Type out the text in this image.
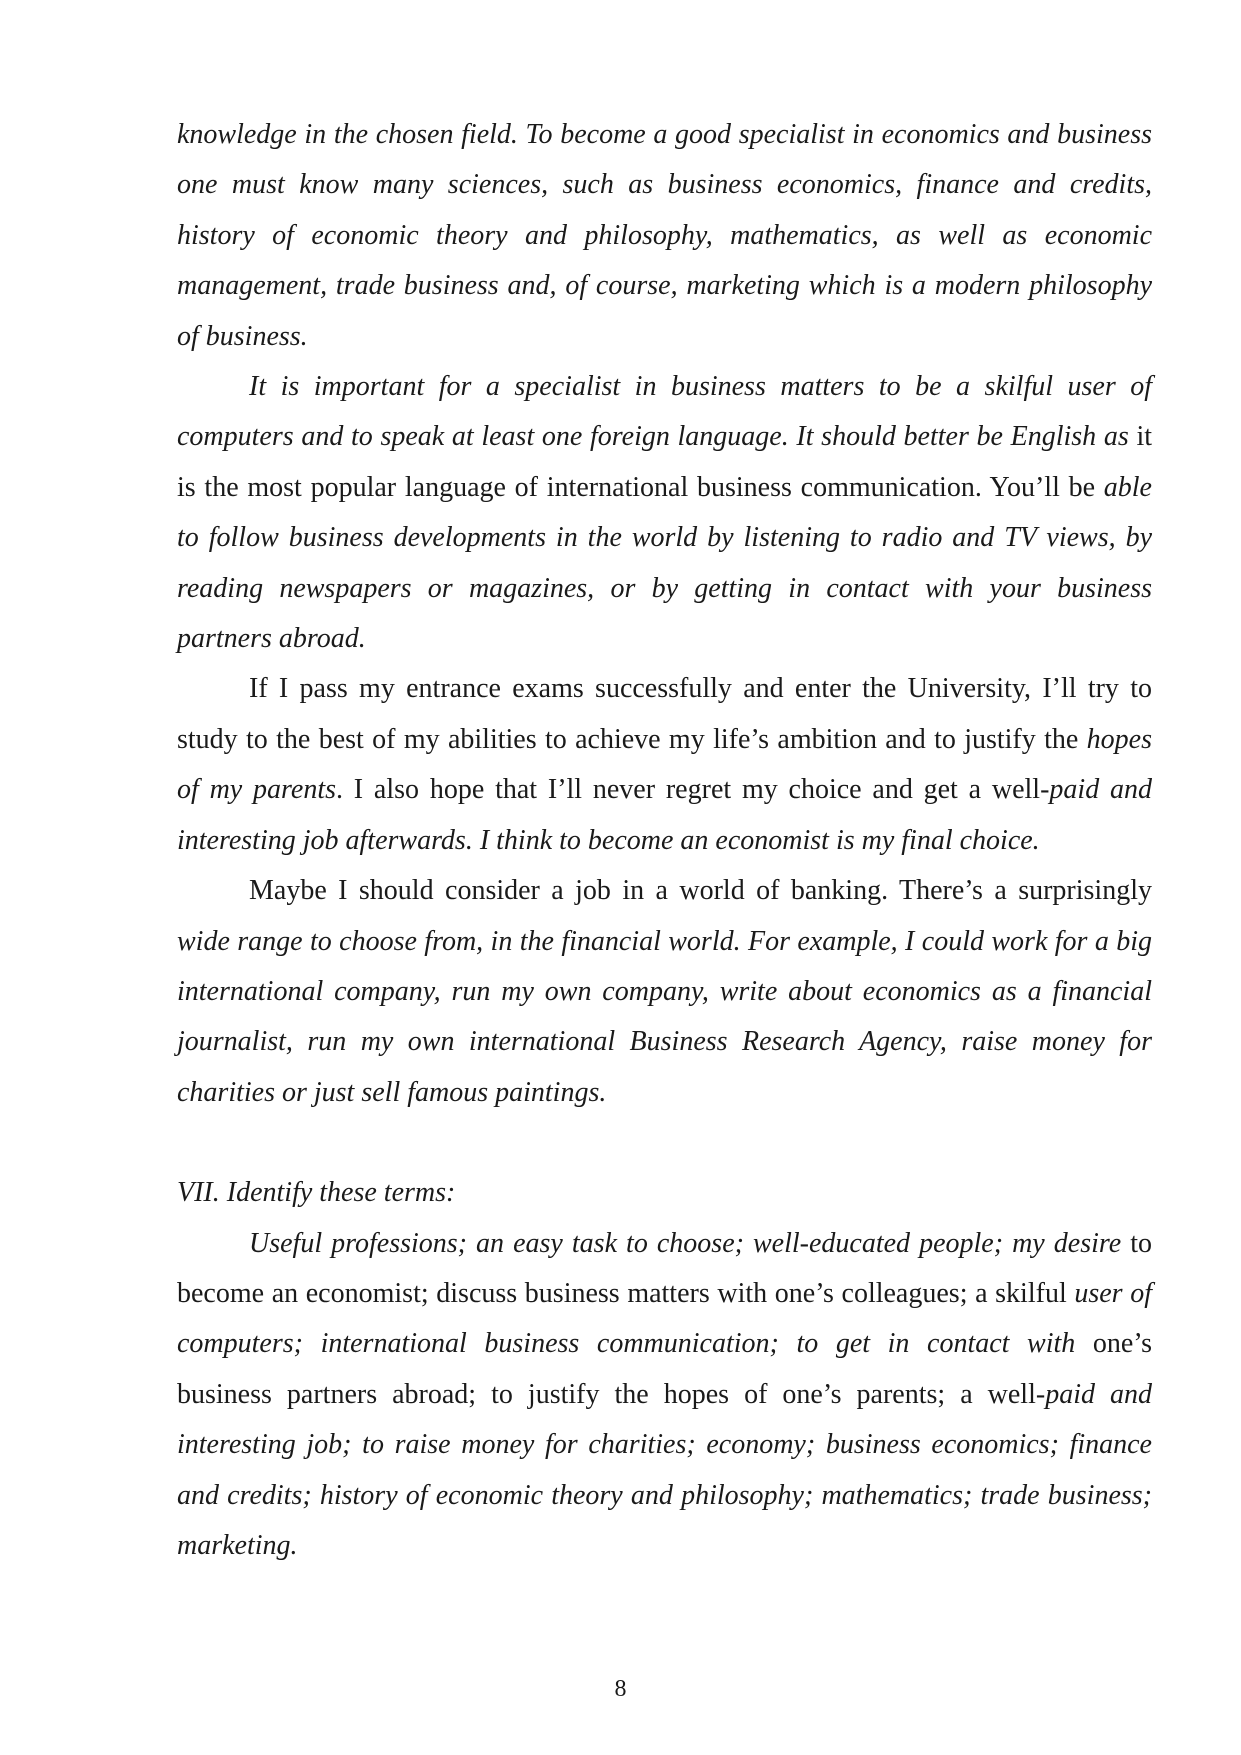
knowledge in the chosen field. To become a good specialist in economics and business one must know many sciences, such as business economics, finance and credits, history of economic theory and philosophy, mathematics, as well as economic management, trade business and, of course, marketing which is a modern philosophy of business.

It is important for a specialist in business matters to be a skilful user of computers and to speak at least one foreign language. It should better be English as it is the most popular language of international business communication. You’ll be able to follow business developments in the world by listening to radio and TV views, by reading newspapers or magazines, or by getting in contact with your business partners abroad.

If I pass my entrance exams successfully and enter the University, I’ll try to study to the best of my abilities to achieve my life’s ambition and to justify the hopes of my parents. I also hope that I’ll never regret my choice and get a well-paid and interesting job afterwards. I think to become an economist is my final choice.

Maybe I should consider a job in a world of banking. There’s a surprisingly wide range to choose from, in the financial world. For example, I could work for a big international company, run my own company, write about economics as a financial journalist, run my own international Business Research Agency, raise money for charities or just sell famous paintings.

VII. Identify these terms:

Useful professions; an easy task to choose; well-educated people; my desire to become an economist; discuss business matters with one’s colleagues; a skilful user of computers; international business communication; to get in contact with one’s business partners abroad; to justify the hopes of one’s parents; a well-paid and interesting job; to raise money for charities; economy; business economics; finance and credits; history of economic theory and philosophy; mathematics; trade business; marketing.

8
